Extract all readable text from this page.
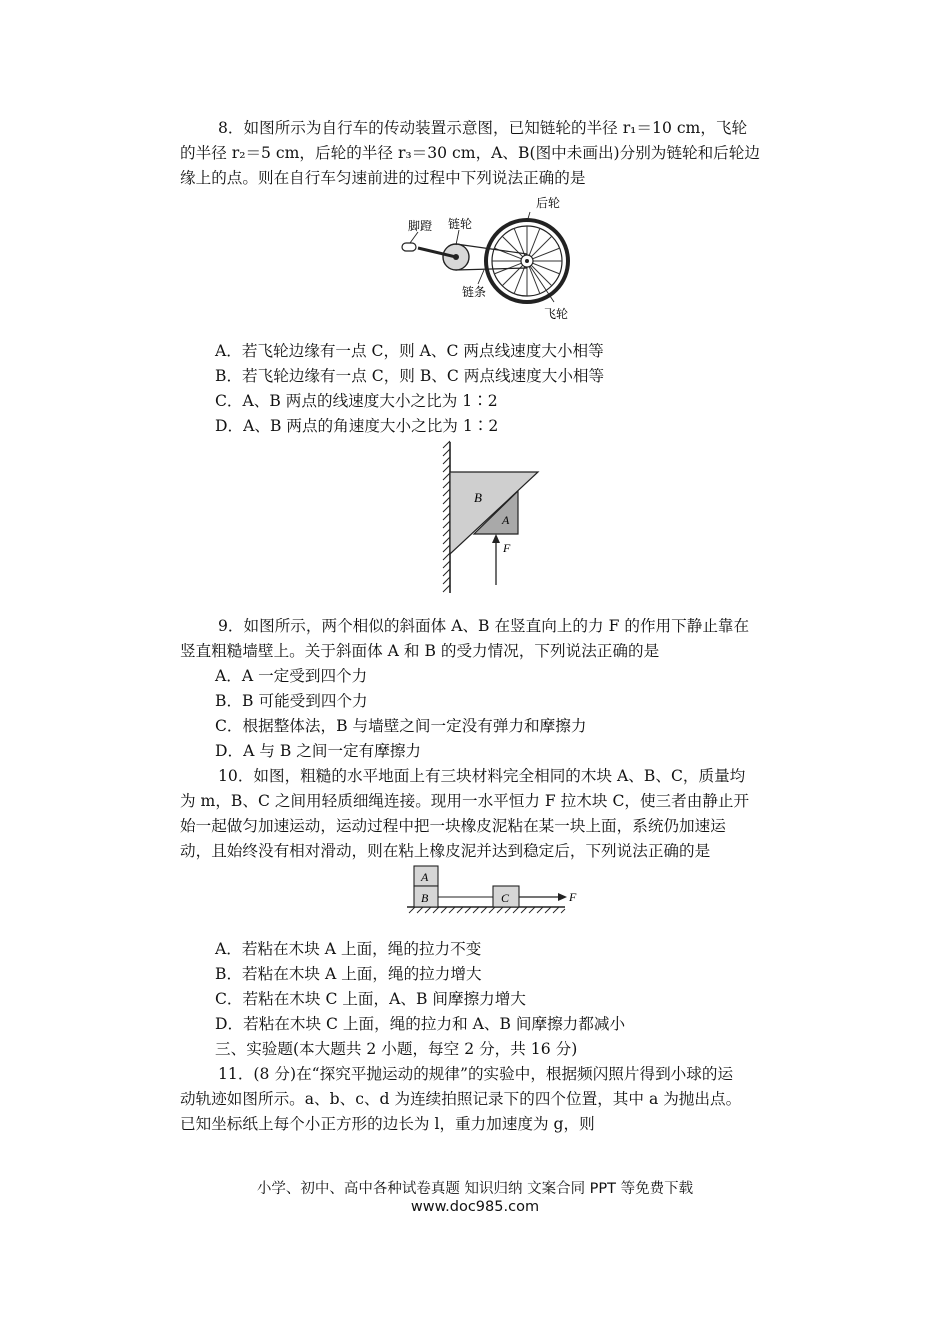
8．如图所示为自行车的传动装置示意图，已知链轮的半径 r₁＝10 cm，飞轮
的半径 r₂＝5 cm，后轮的半径 r₃＝30 cm，A、B(图中未画出)分别为链轮和后轮边
缘上的点。则在自行车匀速前进的过程中下列说法正确的是
脚蹬 链轮
后轮
链条
飞轮
A．若飞轮边缘有一点 C，则 A、C 两点线速度大小相等
B．若飞轮边缘有一点 C，则 B、C 两点线速度大小相等
C．A、B 两点的线速度大小之比为 1∶2
D．A、B 两点的角速度大小之比为 1∶2
B
A
F
9．如图所示，两个相似的斜面体 A、B 在竖直向上的力 F 的作用下静止靠在
竖直粗糙墙壁上。关于斜面体 A 和 B 的受力情况，下列说法正确的是
A．A 一定受到四个力
B．B 可能受到四个力
C．根据整体法，B 与墙壁之间一定没有弹力和摩擦力
D．A 与 B 之间一定有摩擦力
10．如图，粗糙的水平地面上有三块材料完全相同的木块 A、B、C，质量均
为 m，B、C 之间用轻质细绳连接。现用一水平恒力 F 拉木块 C，使三者由静止开
始一起做匀加速运动，运动过程中把一块橡皮泥粘在某一块上面，系统仍加速运
动，且始终没有相对滑动，则在粘上橡皮泥并达到稳定后，下列说法正确的是
A
B	C	F
A．若粘在木块 A 上面，绳的拉力不变
B．若粘在木块 A 上面，绳的拉力增大
C．若粘在木块 C 上面，A、B 间摩擦力增大
D．若粘在木块 C 上面，绳的拉力和 A、B 间摩擦力都减小
三、实验题(本大题共 2 小题，每空 2 分，共 16 分)
11．(8 分)在“探究平抛运动的规律”的实验中，根据频闪照片得到小球的运
动轨迹如图所示。a、b、c、d 为连续拍照记录下的四个位置，其中 a 为抛出点。
已知坐标纸上每个小正方形的边长为 l，重力加速度为 g，则
小学、初中、高中各种试卷真题 知识归纳 文案合同 PPT 等免费下载
www.doc985.com
